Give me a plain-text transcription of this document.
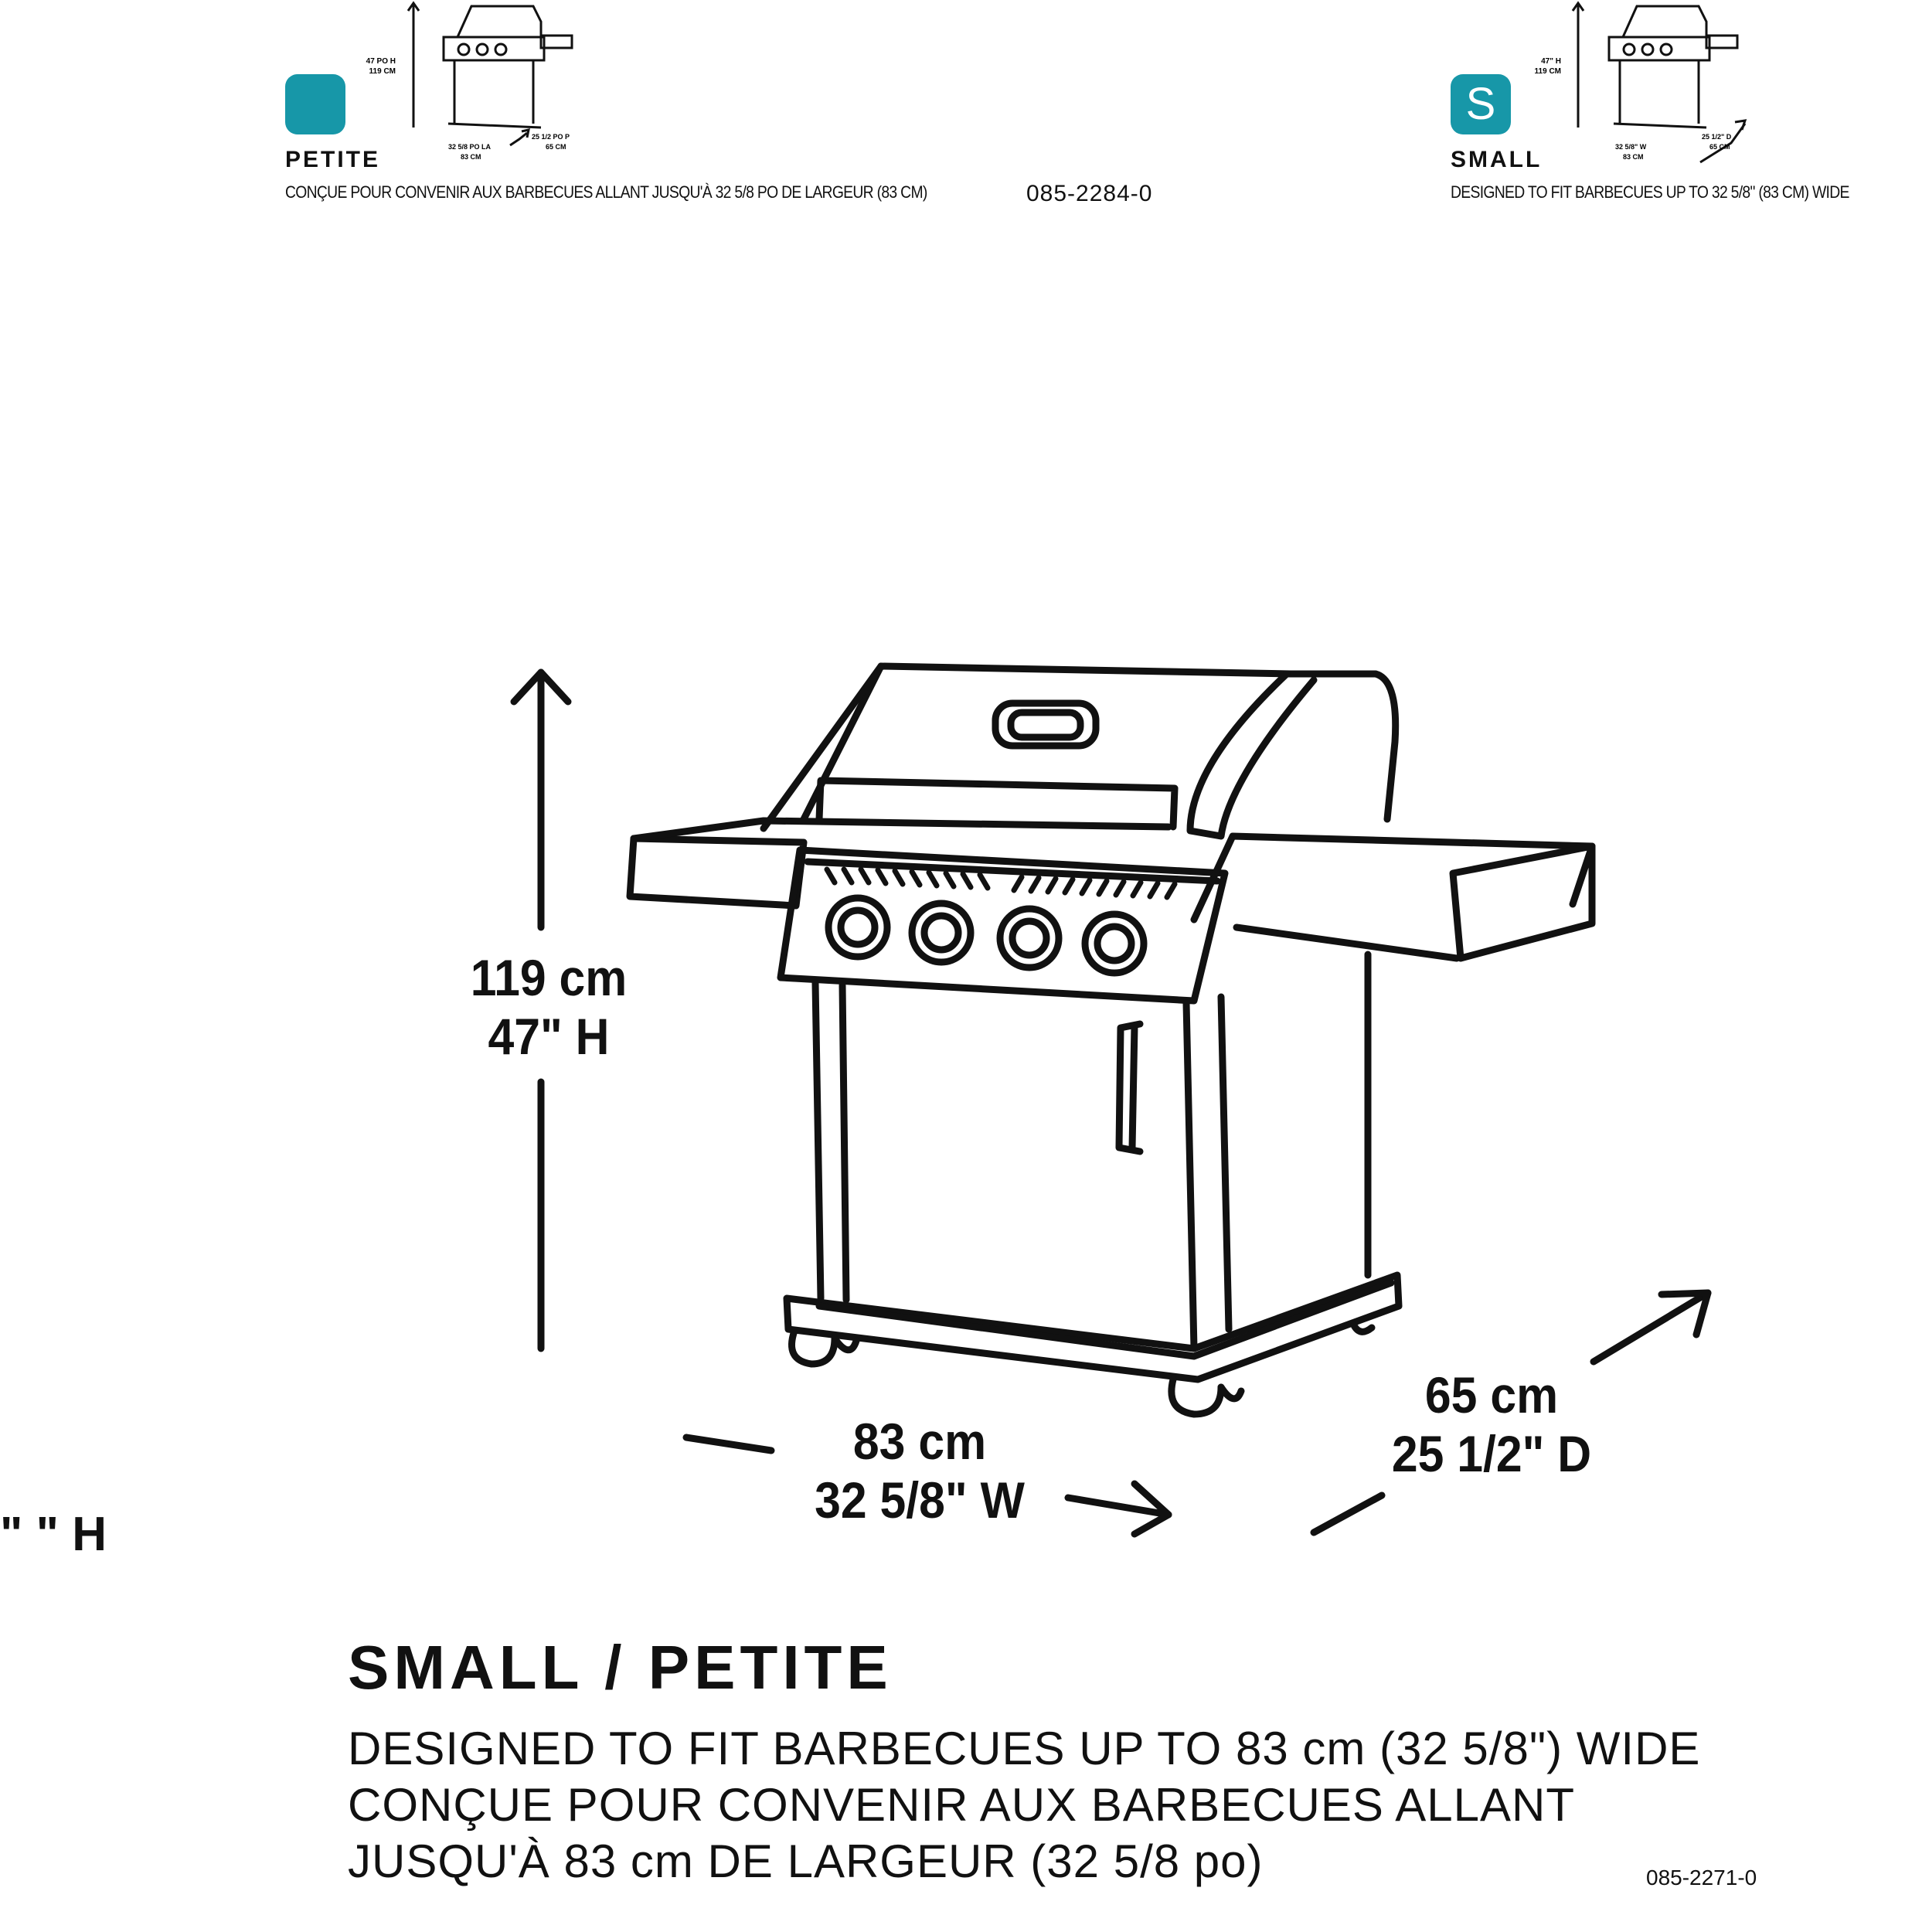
PETITE
CONÇUE POUR CONVENIR AUX BARBECUES ALLANT JUSQU'À 32 5/8 PO DE LARGEUR (83 CM)	085-2284-0
47 PO H
119 CM
32 5/8 PO LA
83 CM
25 1/2 PO P
65 CM
S
SMALL
DESIGNED TO FIT BARBECUES UP TO 32 5/8" (83 CM) WIDE
47" H
119 CM
32 5/8" W
83 CM
25 1/2" D
65 CM
119 cm
47" H
83 cm
32 5/8" W
65 cm
25 1/2" D
" " H
SMALL / PETITE
DESIGNED TO FIT BARBECUES UP TO 83 cm (32 5/8") WIDE
CONÇUE POUR CONVENIR AUX BARBECUES ALLANT
JUSQU'À 83 cm DE LARGEUR (32 5/8 po)	085-2271-0
